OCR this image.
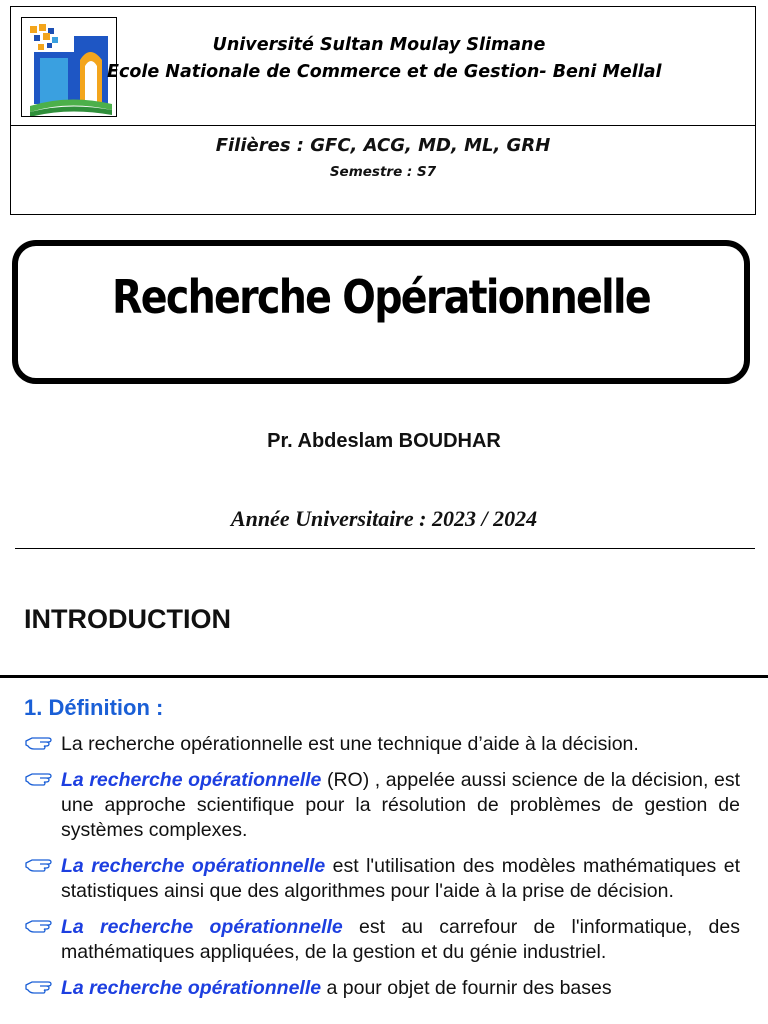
Université Sultan Moulay Slimane
Ecole Nationale de Commerce et de Gestion- Beni Mellal
Filières : GFC, ACG, MD, ML, GRH
Semestre : S7
Recherche Opérationnelle
Pr. Abdeslam BOUDHAR
Année Universitaire : 2023 / 2024
INTRODUCTION
1. Définition :
La recherche opérationnelle est une technique d’aide à la décision.
La recherche opérationnelle (RO) , appelée aussi science de la décision, est une approche scientifique pour la résolution de problèmes de gestion de systèmes complexes.
La recherche opérationnelle est l'utilisation des modèles mathématiques et statistiques ainsi que des algorithmes pour l'aide à la prise de décision.
La recherche opérationnelle est au carrefour de l'informatique, des mathématiques appliquées, de la gestion et du génie industriel.
La recherche opérationnelle a pour objet de fournir des bases
